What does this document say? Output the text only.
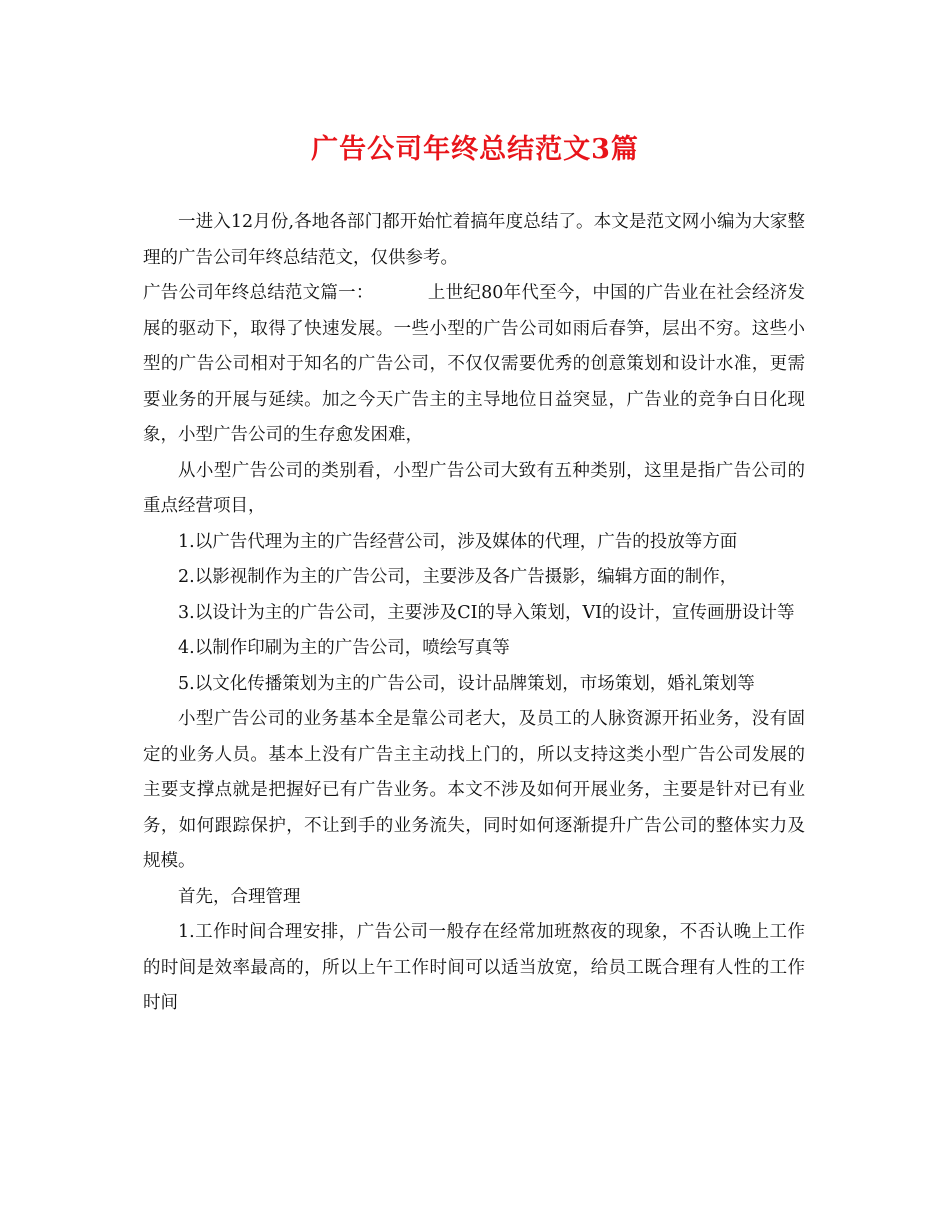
广告公司年终总结范文3篇

一进入12月份,各地各部门都开始忙着搞年度总结了。本文是范文网小编为大家整理的广告公司年终总结范文，仅供参考。

广告公司年终总结范文篇一：	上世纪80年代至今，中国的广告业在社会经济发展的驱动下，取得了快速发展。一些小型的广告公司如雨后春笋，层出不穷。这些小型的广告公司相对于知名的广告公司，不仅仅需要优秀的创意策划和设计水准，更需要业务的开展与延续。加之今天广告主的主导地位日益突显，广告业的竞争白日化现象，小型广告公司的生存愈发困难，

从小型广告公司的类别看，小型广告公司大致有五种类别，这里是指广告公司的重点经营项目，

1.以广告代理为主的广告经营公司，涉及媒体的代理，广告的投放等方面

2.以影视制作为主的广告公司，主要涉及各广告摄影，编辑方面的制作，

3.以设计为主的广告公司，主要涉及CI的导入策划，VI的设计，宣传画册设计等

4.以制作印刷为主的广告公司，喷绘写真等

5.以文化传播策划为主的广告公司，设计品牌策划，市场策划，婚礼策划等

小型广告公司的业务基本全是靠公司老大，及员工的人脉资源开拓业务，没有固定的业务人员。基本上没有广告主主动找上门的，所以支持这类小型广告公司发展的主要支撑点就是把握好已有广告业务。本文不涉及如何开展业务，主要是针对已有业务，如何跟踪保护，不让到手的业务流失，同时如何逐渐提升广告公司的整体实力及规模。

首先，合理管理

1.工作时间合理安排，广告公司一般存在经常加班熬夜的现象，不否认晚上工作的时间是效率最高的，所以上午工作时间可以适当放宽，给员工既合理有人性的工作时间
